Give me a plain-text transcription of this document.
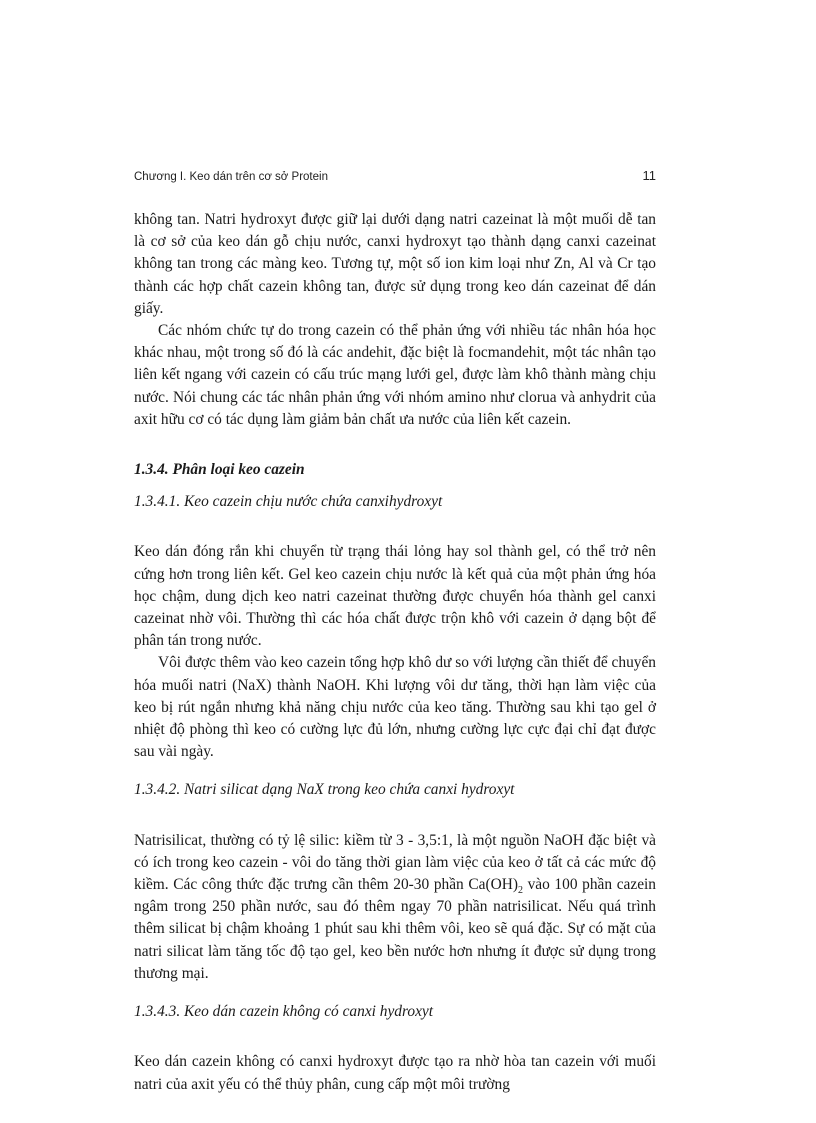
Chương I. Keo dán trên cơ sở Protein	11

không tan. Natri hydroxyt được giữ lại dưới dạng natri cazeinat là một muối dễ tan là cơ sở của keo dán gỗ chịu nước, canxi hydroxyt tạo thành dạng canxi cazeinat không tan trong các màng keo. Tương tự, một số ion kim loại như Zn, Al và Cr tạo thành các hợp chất cazein không tan, được sử dụng trong keo dán cazeinat để dán giấy.

Các nhóm chức tự do trong cazein có thể phản ứng với nhiều tác nhân hóa học khác nhau, một trong số đó là các andehit, đặc biệt là focmandehit, một tác nhân tạo liên kết ngang với cazein có cấu trúc mạng lưới gel, được làm khô thành màng chịu nước. Nói chung các tác nhân phản ứng với nhóm amino như clorua và anhydrit của axit hữu cơ có tác dụng làm giảm bản chất ưa nước của liên kết cazein.

1.3.4. Phân loại keo cazein

1.3.4.1. Keo cazein chịu nước chứa canxihydroxyt

Keo dán đóng rắn khi chuyển từ trạng thái lỏng hay sol thành gel, có thể trở nên cứng hơn trong liên kết. Gel keo cazein chịu nước là kết quả của một phản ứng hóa học chậm, dung dịch keo natri cazeinat thường được chuyển hóa thành gel canxi cazeinat nhờ vôi. Thường thì các hóa chất được trộn khô với cazein ở dạng bột để phân tán trong nước.

Vôi được thêm vào keo cazein tổng hợp khô dư so với lượng cần thiết để chuyển hóa muối natri (NaX) thành NaOH. Khi lượng vôi dư tăng, thời hạn làm việc của keo bị rút ngắn nhưng khả năng chịu nước của keo tăng. Thường sau khi tạo gel ở nhiệt độ phòng thì keo có cường lực đủ lớn, nhưng cường lực cực đại chỉ đạt được sau vài ngày.

1.3.4.2. Natri silicat dạng NaX trong keo chứa canxi hydroxyt

Natrisilicat, thường có tỷ lệ silic: kiềm từ 3 - 3,5:1, là một nguồn NaOH đặc biệt và có ích trong keo cazein - vôi do tăng thời gian làm việc của keo ở tất cả các mức độ kiềm. Các công thức đặc trưng cần thêm 20-30 phần $Ca(OH)_2$ vào 100 phần cazein ngâm trong 250 phần nước, sau đó thêm ngay 70 phần natrisilicat. Nếu quá trình thêm silicat bị chậm khoảng 1 phút sau khi thêm vôi, keo sẽ quá đặc. Sự có mặt của natri silicat làm tăng tốc độ tạo gel, keo bền nước hơn nhưng ít được sử dụng trong thương mại.

1.3.4.3. Keo dán cazein không có canxi hydroxyt

Keo dán cazein không có canxi hydroxyt được tạo ra nhờ hòa tan cazein với muối natri của axit yếu có thể thủy phân, cung cấp một môi trường
